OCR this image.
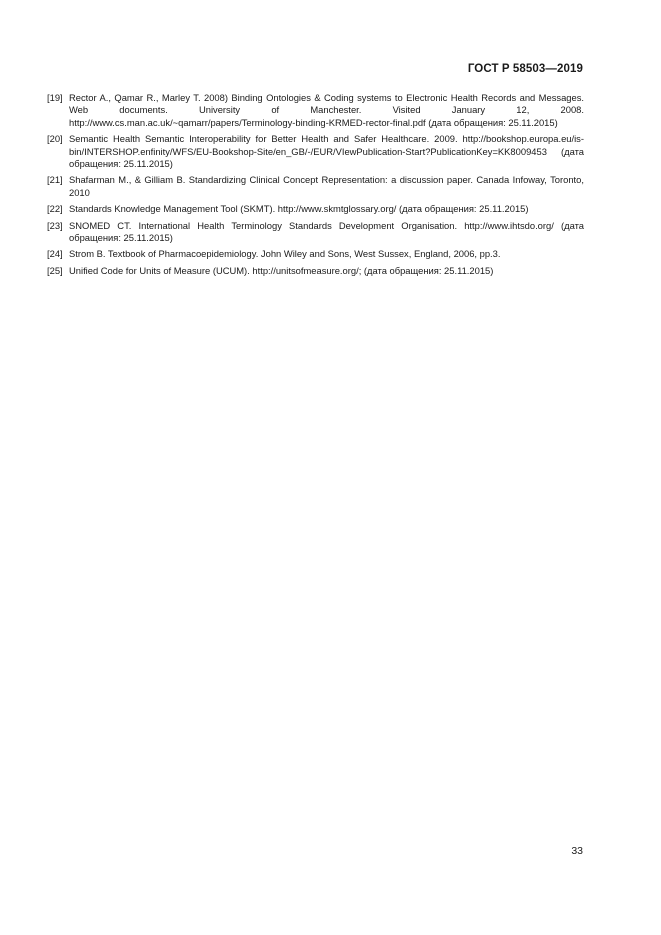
ГОСТ Р 58503—2019
[19] Rector A., Qamar R., Marley T. 2008) Binding Ontologies & Coding systems to Electronic Health Records and Messages. Web documents. University of Manchester. Visited January 12, 2008. http://www.cs.man.ac.uk/~qamarr/papers/Terminology-binding-KRMED-rector-final.pdf (дата обращения: 25.11.2015)
[20] Semantic Health Semantic Interoperability for Better Health and Safer Healthcare. 2009. http://bookshop.europa.eu/is-bin/INTERSHOP.enfinity/WFS/EU-Bookshop-Site/en_GB/-/EUR/VIewPublication-Start?PublicationKey=KK8009453 (дата обращения: 25.11.2015)
[21] Shafarman M., & Gilliam B. Standardizing Clinical Concept Representation: a discussion paper. Canada Infoway, Toronto, 2010
[22] Standards Knowledge Management Tool (SKMT). http://www.skmtglossary.org/ (дата обращения: 25.11.2015)
[23] SNOMED CT. International Health Terminology Standards Development Organisation. http://www.ihtsdo.org/ (дата обращения: 25.11.2015)
[24] Strom B. Textbook of Pharmacoepidemiology. John Wiley and Sons, West Sussex, England, 2006, pp.3.
[25] Unified Code for Units of Measure (UCUM). http://unitsofmeasure.org/; (дата обращения: 25.11.2015)
33
